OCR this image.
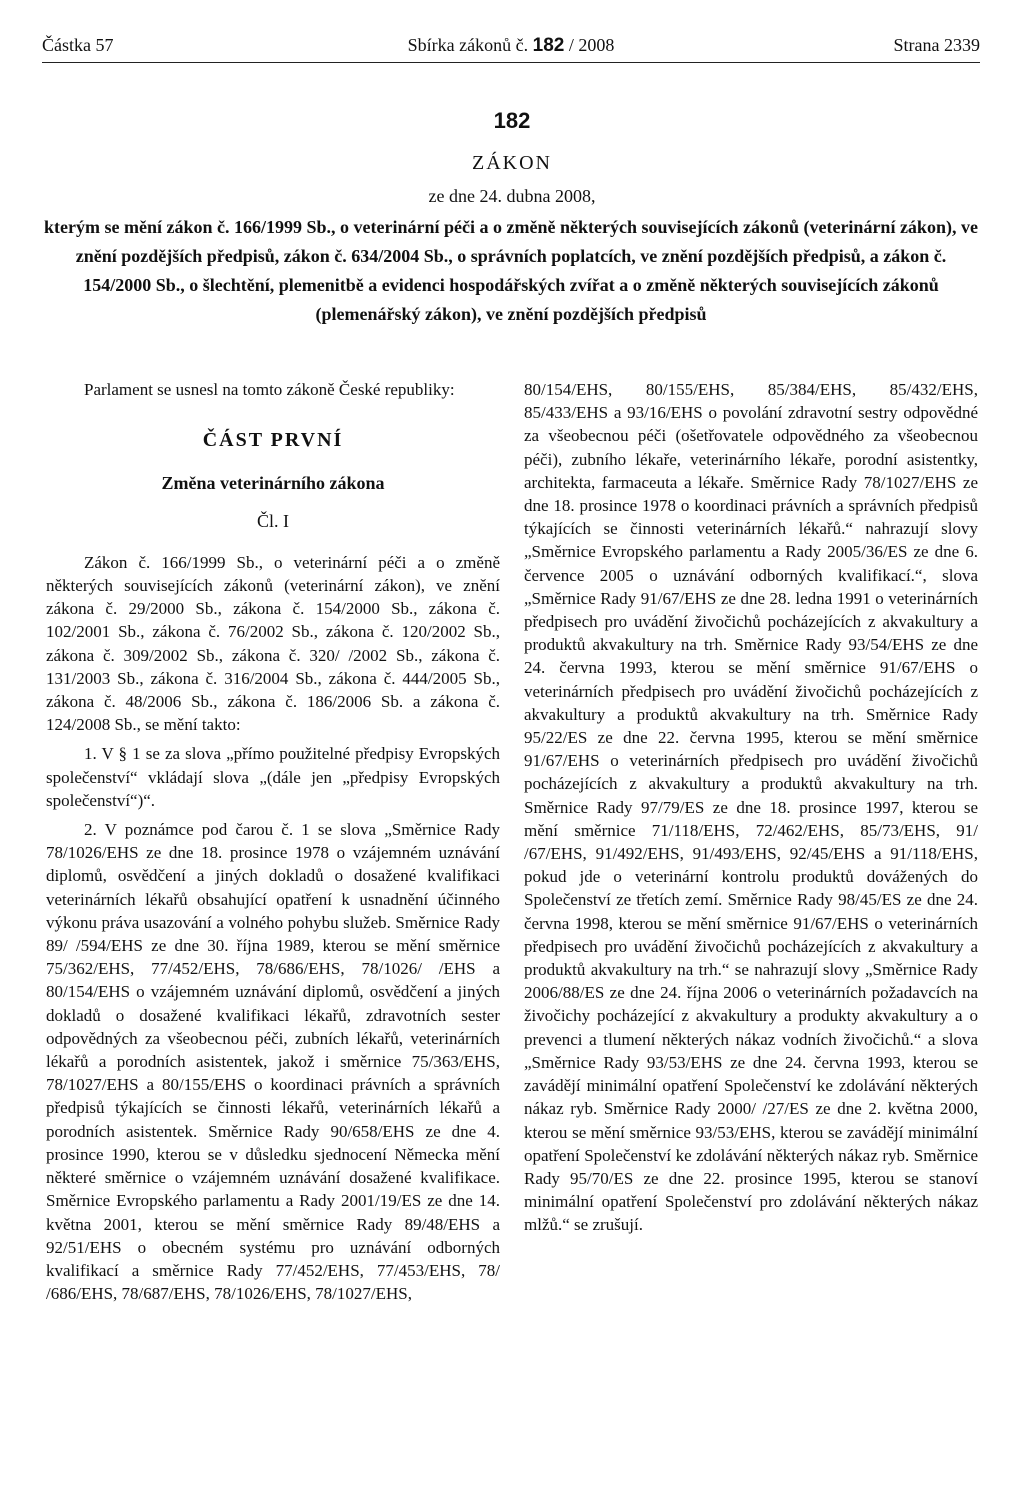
Částka 57	Sbírka zákonů č. 182 / 2008	Strana 2339
182
ZÁKON
ze dne 24. dubna 2008,
kterým se mění zákon č. 166/1999 Sb., o veterinární péči a o změně některých souvisejících zákonů (veterinární zákon), ve znění pozdějších předpisů, zákon č. 634/2004 Sb., o správních poplatcích, ve znění pozdějších předpisů, a zákon č. 154/2000 Sb., o šlechtění, plemenitbě a evidenci hospodářských zvířat a o změně některých souvisejících zákonů (plemenářský zákon), ve znění pozdějších předpisů

Parlament se usnesl na tomto zákoně České republiky:

ČÁST PRVNÍ
Změna veterinárního zákona
Čl. I

Zákon č. 166/1999 Sb., o veterinární péči a o změně některých souvisejících zákonů (veterinární zákon), ve znění zákona č. 29/2000 Sb., zákona č. 154/2000 Sb., zákona č. 102/2001 Sb., zákona č. 76/2002 Sb., zákona č. 120/2002 Sb., zákona č. 309/2002 Sb., zákona č. 320/ /2002 Sb., zákona č. 131/2003 Sb., zákona č. 316/2004 Sb., zákona č. 444/2005 Sb., zákona č. 48/2006 Sb., zákona č. 186/2006 Sb. a zákona č. 124/2008 Sb., se mění takto:

1. V § 1 se za slova „přímo použitelné předpisy Evropských společenství“ vkládají slova „(dále jen „předpisy Evropských společenství“)“.

2. V poznámce pod čarou č. 1 se slova „Směrnice Rady 78/1026/EHS ze dne 18. prosince 1978 o vzájemném uznávání diplomů, osvědčení a jiných dokladů o dosažené kvalifikaci veterinárních lékařů obsahující opatření k usnadnění účinného výkonu práva usazování a volného pohybu služeb. Směrnice Rady 89/ /594/EHS ze dne 30. října 1989, kterou se mění směrnice 75/362/EHS, 77/452/EHS, 78/686/EHS, 78/1026/ /EHS a 80/154/EHS o vzájemném uznávání diplomů, osvědčení a jiných dokladů o dosažené kvalifikaci lékařů, zdravotních sester odpovědných za všeobecnou péči, zubních lékařů, veterinárních lékařů a porodních asistentek, jakož i směrnice 75/363/EHS, 78/1027/EHS a 80/155/EHS o koordinaci právních a správních předpisů týkajících se činnosti lékařů, veterinárních lékařů a porodních asistentek. Směrnice Rady 90/658/EHS ze dne 4. prosince 1990, kterou se v důsledku sjednocení Německa mění některé směrnice o vzájemném uznávání dosažené kvalifikace. Směrnice Evropského parlamentu a Rady 2001/19/ES ze dne 14. května 2001, kterou se mění směrnice Rady 89/48/EHS a 92/51/EHS o obecném systému pro uznávání odborných kvalifikací a směrnice Rady 77/452/EHS, 77/453/EHS, 78/ /686/EHS, 78/687/EHS, 78/1026/EHS, 78/1027/EHS,

80/154/EHS, 80/155/EHS, 85/384/EHS, 85/432/EHS, 85/433/EHS a 93/16/EHS o povolání zdravotní sestry odpovědné za všeobecnou péči (ošetřovatele odpovědného za všeobecnou péči), zubního lékaře, veterinárního lékaře, porodní asistentky, architekta, farmaceuta a lékaře. Směrnice Rady 78/1027/EHS ze dne 18. prosince 1978 o koordinaci právních a správních předpisů týkajících se činnosti veterinárních lékařů.“ nahrazují slovy „Směrnice Evropského parlamentu a Rady 2005/36/ES ze dne 6. července 2005 o uznávání odborných kvalifikací.“, slova „Směrnice Rady 91/67/EHS ze dne 28. ledna 1991 o veterinárních předpisech pro uvádění živočichů pocházejících z akvakultury a produktů akvakultury na trh. Směrnice Rady 93/54/EHS ze dne 24. června 1993, kterou se mění směrnice 91/67/EHS o veterinárních předpisech pro uvádění živočichů pocházejících z akvakultury a produktů akvakultury na trh. Směrnice Rady 95/22/ES ze dne 22. června 1995, kterou se mění směrnice 91/67/EHS o veterinárních předpisech pro uvádění živočichů pocházejících z akvakultury a produktů akvakultury na trh. Směrnice Rady 97/79/ES ze dne 18. prosince 1997, kterou se mění směrnice 71/118/EHS, 72/462/EHS, 85/73/EHS, 91/ /67/EHS, 91/492/EHS, 91/493/EHS, 92/45/EHS a 91/118/EHS, pokud jde o veterinární kontrolu produktů dovážených do Společenství ze třetích zemí. Směrnice Rady 98/45/ES ze dne 24. června 1998, kterou se mění směrnice 91/67/EHS o veterinárních předpisech pro uvádění živočichů pocházejících z akvakultury a produktů akvakultury na trh.“ se nahrazují slovy „Směrnice Rady 2006/88/ES ze dne 24. října 2006 o veterinárních požadavcích na živočichy pocházející z akvakultury a produkty akvakultury a o prevenci a tlumení některých nákaz vodních živočichů.“ a slova „Směrnice Rady 93/53/EHS ze dne 24. června 1993, kterou se zavádějí minimální opatření Společenství ke zdolávání některých nákaz ryb. Směrnice Rady 2000/ /27/ES ze dne 2. května 2000, kterou se mění směrnice 93/53/EHS, kterou se zavádějí minimální opatření Společenství ke zdolávání některých nákaz ryb. Směrnice Rady 95/70/ES ze dne 22. prosince 1995, kterou se stanoví minimální opatření Společenství pro zdolávání některých nákaz mlžů.“ se zrušují.
